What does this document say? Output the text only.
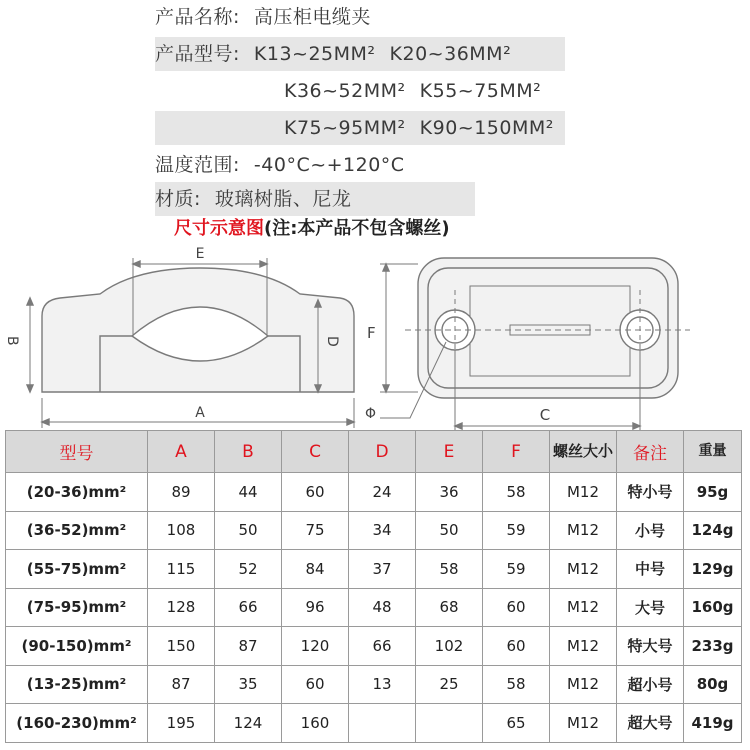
产品名称: 高压柜电缆夹
产品型号: K13~25MM² K20~36MM²
K36~52MM² K55~75MM²
K75~95MM² K90~150MM²
温度范围: -40°C~+120°C
材质: 玻璃树脂、尼龙
尺寸示意图(注:本产品不包含螺丝)
E
B	D
A
F
C
Φ
型号	A	B	C	D	E	F	螺丝大小	备注	重量
(20-36)mm²	89	44	60	24	36	58	M12	特小号	95g
(36-52)mm²	108	50	75	34	50	59	M12	小号	124g
(55-75)mm²	115	52	84	37	58	59	M12	中号	129g
(75-95)mm²	128	66	96	48	68	60	M12	大号	160g
(90-150)mm²	150	87	120	66	102	60	M12	特大号	233g
(13-25)mm²	87	35	60	13	25	58	M12	超小号	80g
(160-230)mm²	195	124	160			65	M12	超大号	419g
